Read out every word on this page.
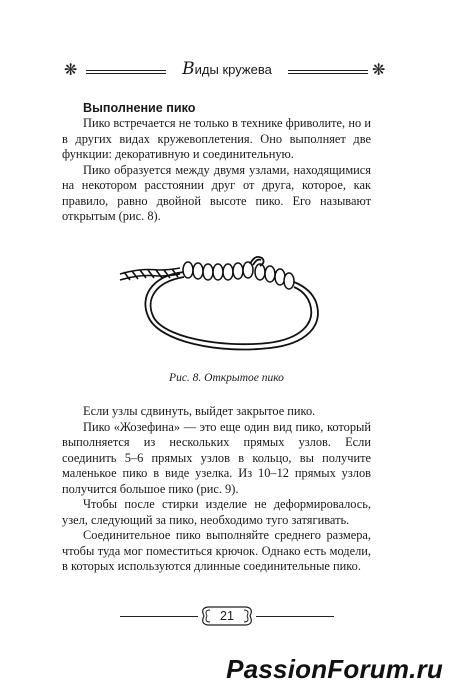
❋	Виды кружева	❋
Выполнение пико

Пико встречается не только в технике фриволите, но и в других видах кружевоплетения. Оно выполняет две функции: декоративную и соединительную.

Пико образуется между двумя узлами, находящимися на некотором расстоянии друг от друга, которое, как правило, равно двойной высоте пико. Его называют открытым (рис. 8).

Рис. 8. Открытое пико

Если узлы сдвинуть, выйдет закрытое пико.

Пико «Жозефина» — это еще один вид пико, который выполняется из нескольких прямых узлов. Если соединить 5–6 прямых узлов в кольцо, вы получите маленькое пико в виде узелка. Из 10–12 прямых узлов получится большое пико (рис. 9).

Чтобы после стирки изделие не деформировалось, узел, следующий за пико, необходимо туго затягивать.

Соединительное пико выполняйте среднего размера, чтобы туда мог поместиться крючок. Однако есть модели, в которых используются длинные соединительные пико.

21
PassionForum.ru
